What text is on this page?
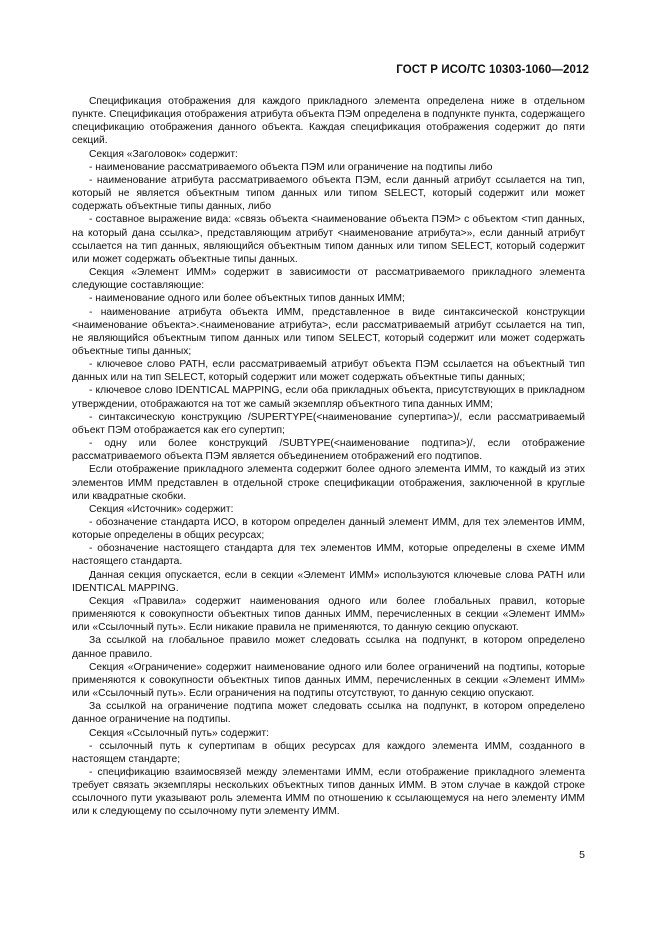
ГОСТ Р ИСО/ТС 10303-1060—2012

Спецификация отображения для каждого прикладного элемента определена ниже в отдельном пункте. Спецификация отображения атрибута объекта ПЭМ определена в подпункте пункта, содержащего спецификацию отображения данного объекта. Каждая спецификация отображения содержит до пяти секций.

Секция «Заголовок» содержит:

- наименование рассматриваемого объекта ПЭМ или ограничение на подтипы либо

- наименование атрибута рассматриваемого объекта ПЭМ, если данный атрибут ссылается на тип, который не является объектным типом данных или типом SELECT, который содержит или может содержать объектные типы данных, либо

- составное выражение вида: «связь объекта <наименование объекта ПЭМ> с объектом <тип данных, на который дана ссылка>, представляющим атрибут <наименование атрибута>», если данный атрибут ссылается на тип данных, являющийся объектным типом данных или типом SELECT, который содержит или может содержать объектные типы данных.

Секция «Элемент ИММ» содержит в зависимости от рассматриваемого прикладного элемента следующие составляющие:

- наименование одного или более объектных типов данных ИММ;

- наименование атрибута объекта ИММ, представленное в виде синтаксической конструкции <наименование объекта>.<наименование атрибута>, если рассматриваемый атрибут ссылается на тип, не являющийся объектным типом данных или типом SELECT, который содержит или может содержать объектные типы данных;

- ключевое слово PATH, если рассматриваемый атрибут объекта ПЭМ ссылается на объектный тип данных или на тип SELECT, который содержит или может содержать объектные типы данных;

- ключевое слово IDENTICAL MAPPING, если оба прикладных объекта, присутствующих в прикладном утверждении, отображаются на тот же самый экземпляр объектного типа данных ИММ;

- синтаксическую конструкцию /SUPERTYPE(<наименование супертипа>)/, если рассматриваемый объект ПЭМ отображается как его супертип;

- одну или более конструкций /SUBTYPE(<наименование подтипа>)/, если отображение рассматриваемого объекта ПЭМ является объединением отображений его подтипов.

Если отображение прикладного элемента содержит более одного элемента ИММ, то каждый из этих элементов ИММ представлен в отдельной строке спецификации отображения, заключенной в круглые или квадратные скобки.

Секция «Источник» содержит:

- обозначение стандарта ИСО, в котором определен данный элемент ИММ, для тех элементов ИММ, которые определены в общих ресурсах;

- обозначение настоящего стандарта для тех элементов ИММ, которые определены в схеме ИММ настоящего стандарта.

Данная секция опускается, если в секции «Элемент ИММ» используются ключевые слова PATH или IDENTICAL MAPPING.

Секция «Правила» содержит наименования одного или более глобальных правил, которые применяются к совокупности объектных типов данных ИММ, перечисленных в секции «Элемент ИММ» или «Ссылочный путь». Если никакие правила не применяются, то данную секцию опускают.

За ссылкой на глобальное правило может следовать ссылка на подпункт, в котором определено данное правило.

Секция «Ограничение» содержит наименование одного или более ограничений на подтипы, которые применяются к совокупности объектных типов данных ИММ, перечисленных в секции «Элемент ИММ» или «Ссылочный путь». Если ограничения на подтипы отсутствуют, то данную секцию опускают.

За ссылкой на ограничение подтипа может следовать ссылка на подпункт, в котором определено данное ограничение на подтипы.

Секция «Ссылочный путь» содержит:

- ссылочный путь к супертипам в общих ресурсах для каждого элемента ИММ, созданного в настоящем стандарте;

- спецификацию взаимосвязей между элементами ИММ, если отображение прикладного элемента требует связать экземпляры нескольких объектных типов данных ИММ. В этом случае в каждой строке ссылочного пути указывают роль элемента ИММ по отношению к ссылающемуся на него элементу ИММ или к следующему по ссылочному пути элементу ИММ.

5
